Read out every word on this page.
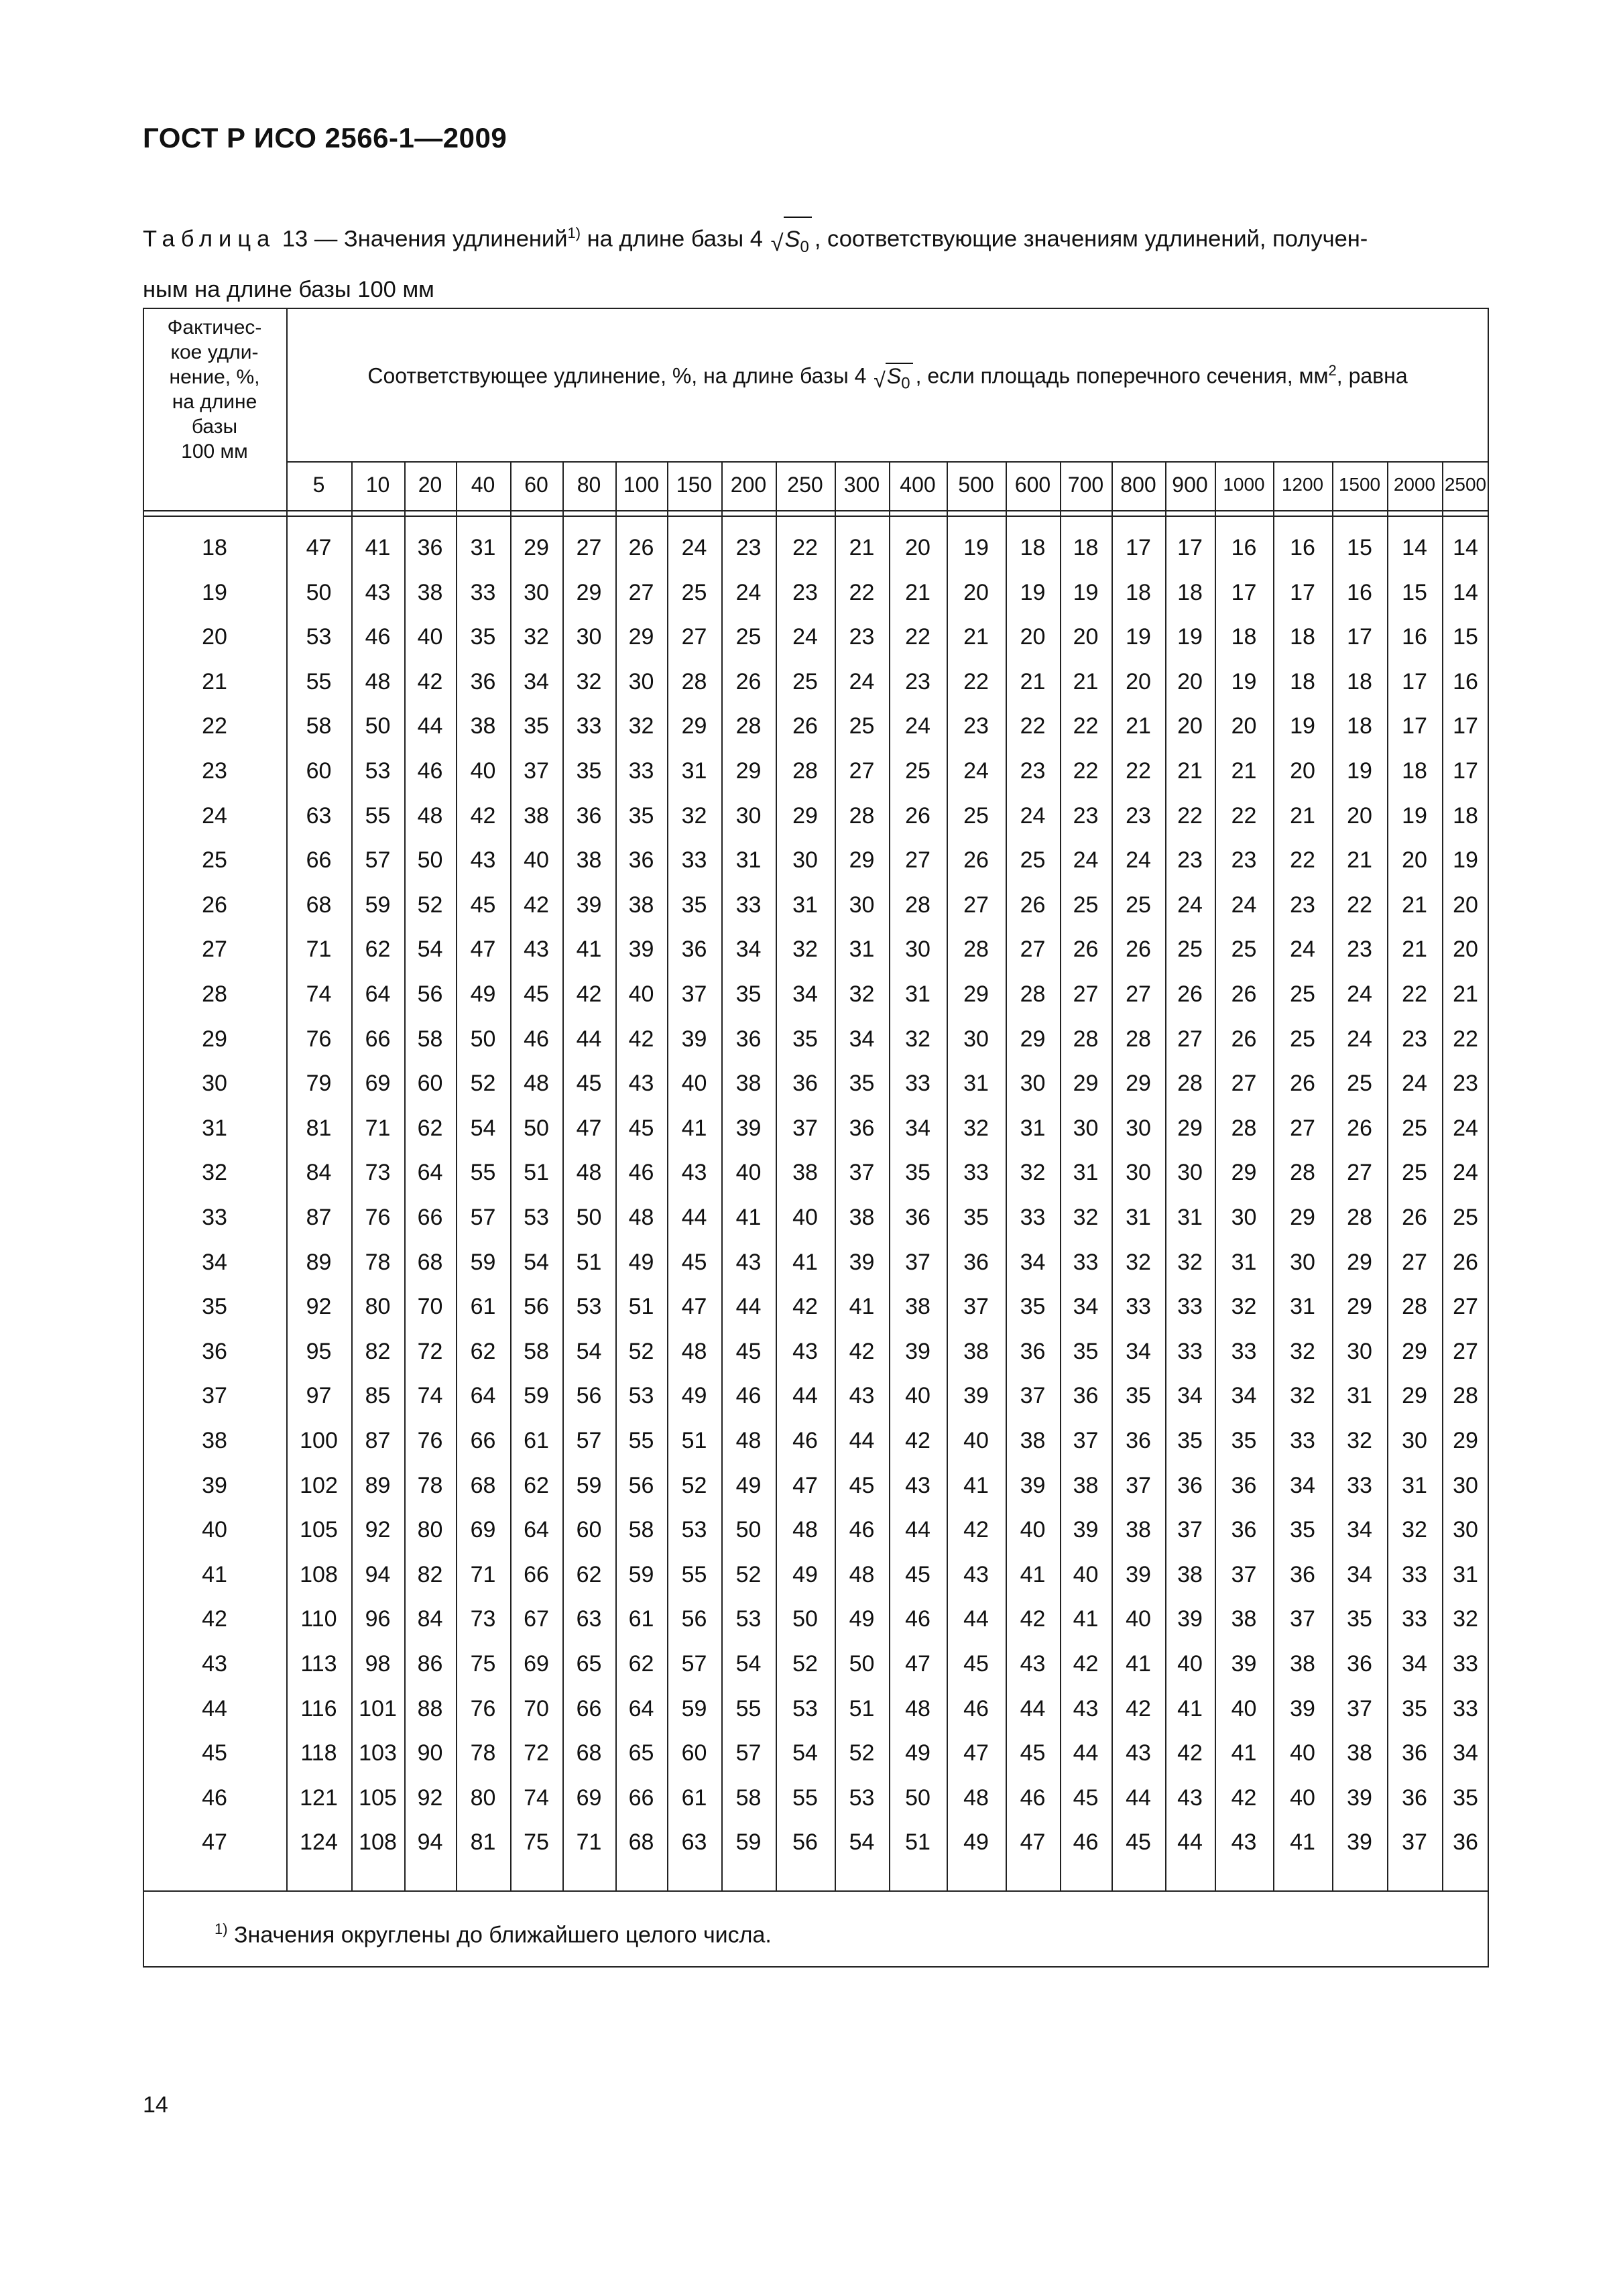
ГОСТ Р ИСО 2566-1—2009
Таблица 13 — Значения удлинений$^{1)}$ на длине базы 4 $√S_0$ , соответствующие значениям удлинений, получен-
ным на длине базы 100 мм
Фактичес-
кое удли-
нение, %,
на длине
базы
100 мм
Соответствующее удлинение, %, на длине базы 4 $√S_0$ , если площадь поперечного сечения, $мм^2$, равна
5	10	20	40	60	80	100 150 200 250 300 400	500 600 700 800 900 1000 1200 1500 2000 2500
18	47	41	36	31	29	27	26	24	23	22	21	20	19	18	18	17	17	16	16	15	14	14
19	50	43	38	33	30	29	27	25	24	23	22	21	20	19	19	18	18	17	17	16	15	14
20	53	46	40	35	32	30	29	27	25	24	23	22	21	20	20	19	19	18	18	17	16	15
21	55	48	42	36	34	32	30	28	26	25	24	23	22	21	21	20	20	19	18	18	17	16
22	58	50	44	38	35	33	32	29	28	26	25	24	23	22	22	21	20	20	19	18	17	17
23	60	53	46	40	37	35	33	31	29	28	27	25	24	23	22	22	21	21	20	19	18	17
24	63	55	48	42	38	36	35	32	30	29	28	26	25	24	23	23	22	22	21	20	19	18
25	66	57	50	43	40	38	36	33	31	30	29	27	26	25	24	24	23	23	22	21	20	19
26	68	59	52	45	42	39	38	35	33	31	30	28	27	26	25	25	24	24	23	22	21	20
27	71	62	54	47	43	41	39	36	34	32	31	30	28	27	26	26	25	25	24	23	21	20
28	74	64	56	49	45	42	40	37	35	34	32	31	29	28	27	27	26	26	25	24	22	21
29	76	66	58	50	46	44	42	39	36	35	34	32	30	29	28	28	27	26	25	24	23	22
30	79	69	60	52	48	45	43	40	38	36	35	33	31	30	29	29	28	27	26	25	24	23
31	81	71	62	54	50	47	45	41	39	37	36	34	32	31	30	30	29	28	27	26	25	24
32	84	73	64	55	51	48	46	43	40	38	37	35	33	32	31	30	30	29	28	27	25	24
33	87	76	66	57	53	50	48	44	41	40	38	36	35	33	32	31	31	30	29	28	26	25
34	89	78	68	59	54	51	49	45	43	41	39	37	36	34	33	32	32	31	30	29	27	26
35	92	80	70	61	56	53	51	47	44	42	41	38	37	35	34	33	33	32	31	29	28	27
36	95	82	72	62	58	54	52	48	45	43	42	39	38	36	35	34	33	33	32	30	29	27
37	97	85	74	64	59	56	53	49	46	44	43	40	39	37	36	35	34	34	32	31	29	28
38	100	87	76	66	61	57	55	51	48	46	44	42	40	38	37	36	35	35	33	32	30	29
39	102	89	78	68	62	59	56	52	49	47	45	43	41	39	38	37	36	36	34	33	31	30
40	105	92	80	69	64	60	58	53	50	48	46	44	42	40	39	38	37	36	35	34	32	30
41	108	94	82	71	66	62	59	55	52	49	48	45	43	41	40	39	38	37	36	34	33	31
42	110	96	84	73	67	63	61	56	53	50	49	46	44	42	41	40	39	38	37	35	33	32
43	113	98	86	75	69	65	62	57	54	52	50	47	45	43	42	41	40	39	38	36	34	33
44	116 101 88	76	70	66	64	59	55	53	51	48	46	44	43	42	41	40	39	37	35	33
45	118 103 90	78	72	68	65	60	57	54	52	49	47	45	44	43	42	41	40	38	36	34
46	121 105 92	80	74	69	66	61	58	55	53	50	48	46	45	44	43	42	40	39	36	35
47	124 108 94	81	75	71	68	63	59	56	54	51	49	47	46	45	44	43	41	39	37	36
$^{1)}$ Значения округлены до ближайшего целого числа.
14
